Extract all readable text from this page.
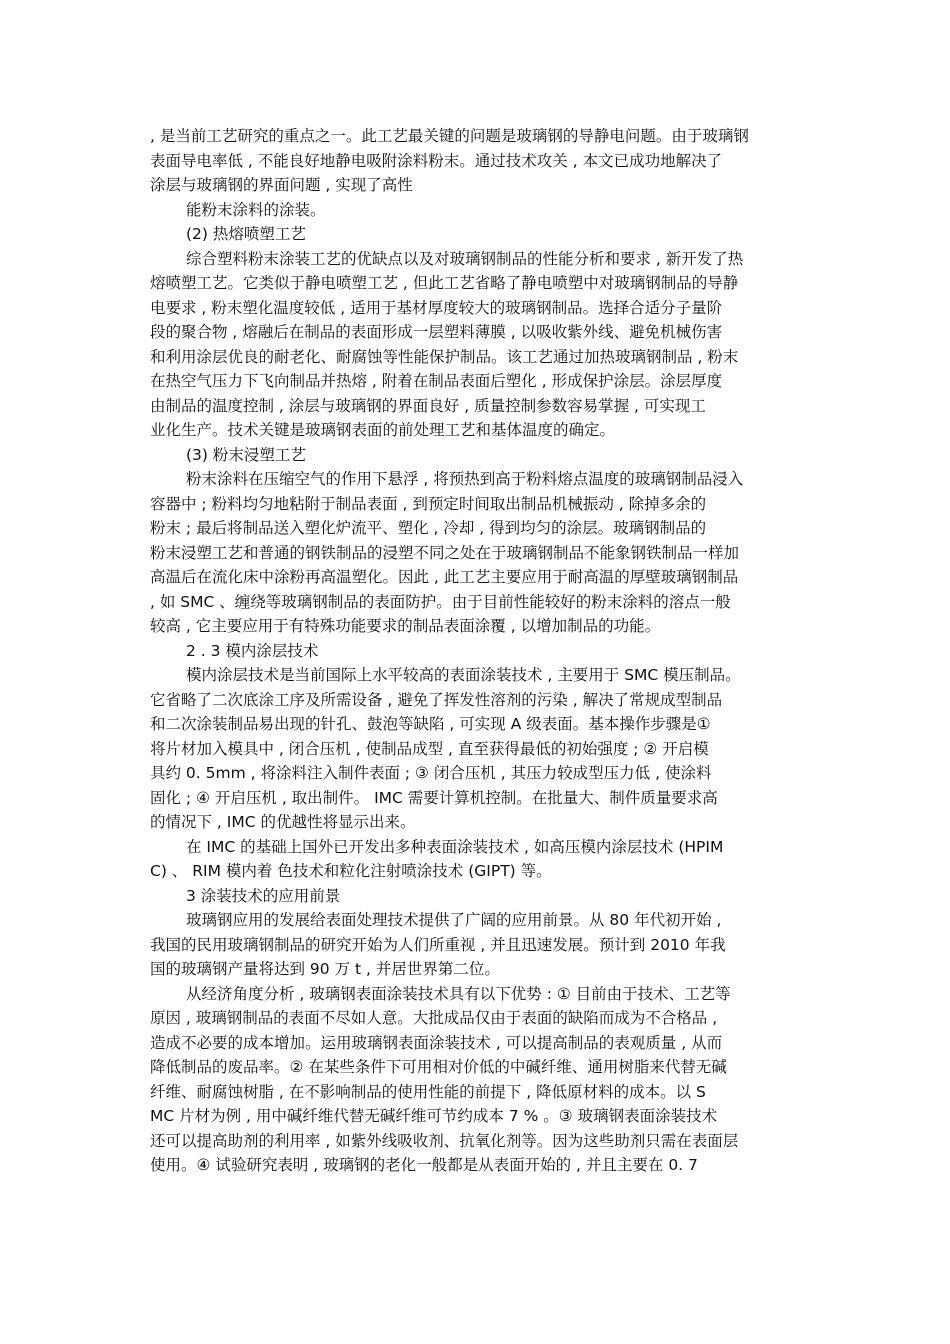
, 是当前工艺研究的重点之一。此工艺最关键的问题是玻璃钢的导静电问题。由于玻璃钢
表面导电率低 , 不能良好地静电吸附涂料粉末。通过技术攻关 , 本文已成功地解决了
涂层与玻璃钢的界面问题 , 实现了高性
能粉末涂料的涂装。
(2) 热熔喷塑工艺
综合塑料粉末涂装工艺的优缺点以及对玻璃钢制品的性能分析和要求 , 新开发了热
熔喷塑工艺。它类似于静电喷塑工艺 , 但此工艺省略了静电喷塑中对玻璃钢制品的导静
电要求 , 粉末塑化温度较低 , 适用于基材厚度较大的玻璃钢制品。选择合适分子量阶
段的聚合物 , 熔融后在制品的表面形成一层塑料薄膜 , 以吸收紫外线、避免机械伤害
和利用涂层优良的耐老化、耐腐蚀等性能保护制品。该工艺通过加热玻璃钢制品 , 粉末
在热空气压力下飞向制品并热熔 , 附着在制品表面后塑化 , 形成保护涂层。涂层厚度
由制品的温度控制 , 涂层与玻璃钢的界面良好 , 质量控制参数容易掌握 , 可实现工
业化生产。技术关键是玻璃钢表面的前处理工艺和基体温度的确定。
(3) 粉末浸塑工艺
粉末涂料在压缩空气的作用下悬浮 , 将预热到高于粉料熔点温度的玻璃钢制品浸入
容器中 ; 粉料均匀地粘附于制品表面 , 到预定时间取出制品机械振动 , 除掉多余的
粉末 ; 最后将制品送入塑化炉流平、塑化 , 冷却 , 得到均匀的涂层。玻璃钢制品的
粉末浸塑工艺和普通的钢铁制品的浸塑不同之处在于玻璃钢制品不能象钢铁制品一样加
高温后在流化床中涂粉再高温塑化。因此 , 此工艺主要应用于耐高温的厚壁玻璃钢制品
, 如 SMC 、缠绕等玻璃钢制品的表面防护。由于目前性能较好的粉末涂料的溶点一般
较高 , 它主要应用于有特殊功能要求的制品表面涂覆 , 以增加制品的功能。
2 . 3 模内涂层技术
模内涂层技术是当前国际上水平较高的表面涂装技术 , 主要用于 SMC 模压制品。
它省略了二次底涂工序及所需设备 , 避免了挥发性溶剂的污染 , 解决了常规成型制品
和二次涂装制品易出现的针孔、鼓泡等缺陷 , 可实现 A 级表面。基本操作步骤是①
将片材加入模具中 , 闭合压机 , 使制品成型 , 直至获得最低的初始强度 ; ② 开启模
具约 0. 5mm , 将涂料注入制件表面 ; ③ 闭合压机 , 其压力较成型压力低 , 使涂料
固化 ; ④ 开启压机 , 取出制件。 IMC 需要计算机控制。在批量大、制件质量要求高
的情况下 , IMC 的优越性将显示出来。
在 IMC 的基础上国外已开发出多种表面涂装技术 , 如高压模内涂层技术 (HPIM
C) 、 RIM 模内着 色技术和粒化注射喷涂技术 (GIPT) 等。
3 涂装技术的应用前景
玻璃钢应用的发展给表面处理技术提供了广阔的应用前景。从 80 年代初开始 ,
我国的民用玻璃钢制品的研究开始为人们所重视 , 并且迅速发展。预计到 2010 年我
国的玻璃钢产量将达到 90 万 t , 并居世界第二位。
从经济角度分析 , 玻璃钢表面涂装技术具有以下优势 : ① 目前由于技术、工艺等
原因 , 玻璃钢制品的表面不尽如人意。大批成品仅由于表面的缺陷而成为不合格品 ,
造成不必要的成本增加。运用玻璃钢表面涂装技术 , 可以提高制品的表观质量 , 从而
降低制品的废品率。② 在某些条件下可用相对价低的中碱纤维、通用树脂来代替无碱
纤维、耐腐蚀树脂 , 在不影响制品的使用性能的前提下 , 降低原材料的成本。以 S
MC 片材为例 , 用中碱纤维代替无碱纤维可节约成本 7 % 。③ 玻璃钢表面涂装技术
还可以提高助剂的利用率 , 如紫外线吸收剂、抗氧化剂等。因为这些助剂只需在表面层
使用。④ 试验研究表明 , 玻璃钢的老化一般都是从表面开始的 , 并且主要在 0. 7
